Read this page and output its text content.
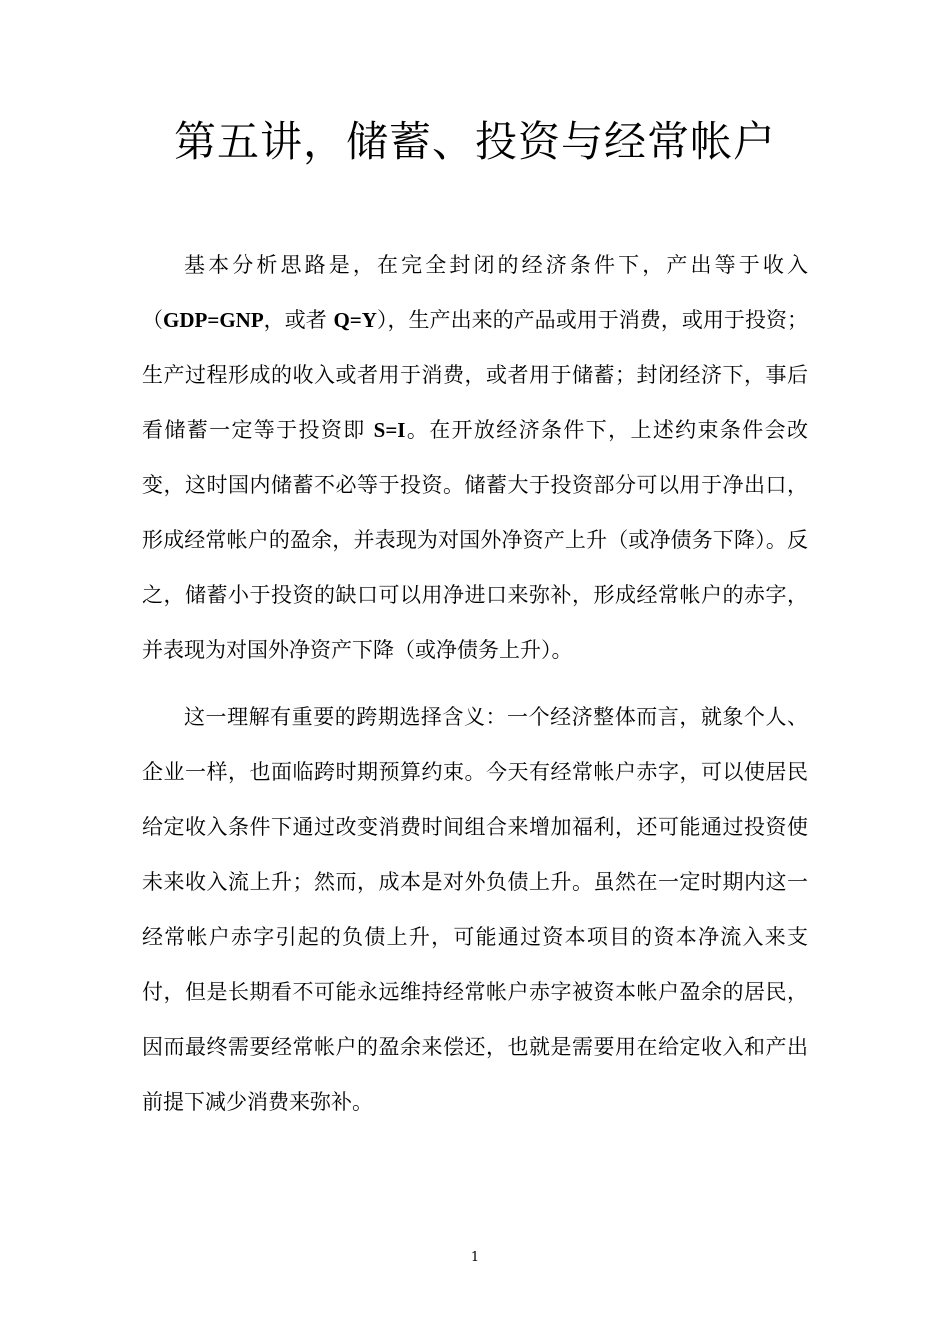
第五讲，储蓄、投资与经常帐户

基本分析思路是，在完全封闭的经济条件下，产出等于收入（GDP=GNP，或者 Q=Y），生产出来的产品或用于消费，或用于投资；生产过程形成的收入或者用于消费，或者用于储蓄；封闭经济下，事后看储蓄一定等于投资即 S=I。在开放经济条件下，上述约束条件会改变，这时国内储蓄不必等于投资。储蓄大于投资部分可以用于净出口，形成经常帐户的盈余，并表现为对国外净资产上升（或净债务下降）。反之，储蓄小于投资的缺口可以用净进口来弥补，形成经常帐户的赤字，并表现为对国外净资产下降（或净债务上升）。

这一理解有重要的跨期选择含义：一个经济整体而言，就象个人、企业一样，也面临跨时期预算约束。今天有经常帐户赤字，可以使居民给定收入条件下通过改变消费时间组合来增加福利，还可能通过投资使未来收入流上升；然而，成本是对外负债上升。虽然在一定时期内这一经常帐户赤字引起的负债上升，可能通过资本项目的资本净流入来支付，但是长期看不可能永远维持经常帐户赤字被资本帐户盈余的居民，因而最终需要经常帐户的盈余来偿还，也就是需要用在给定收入和产出前提下减少消费来弥补。

1
